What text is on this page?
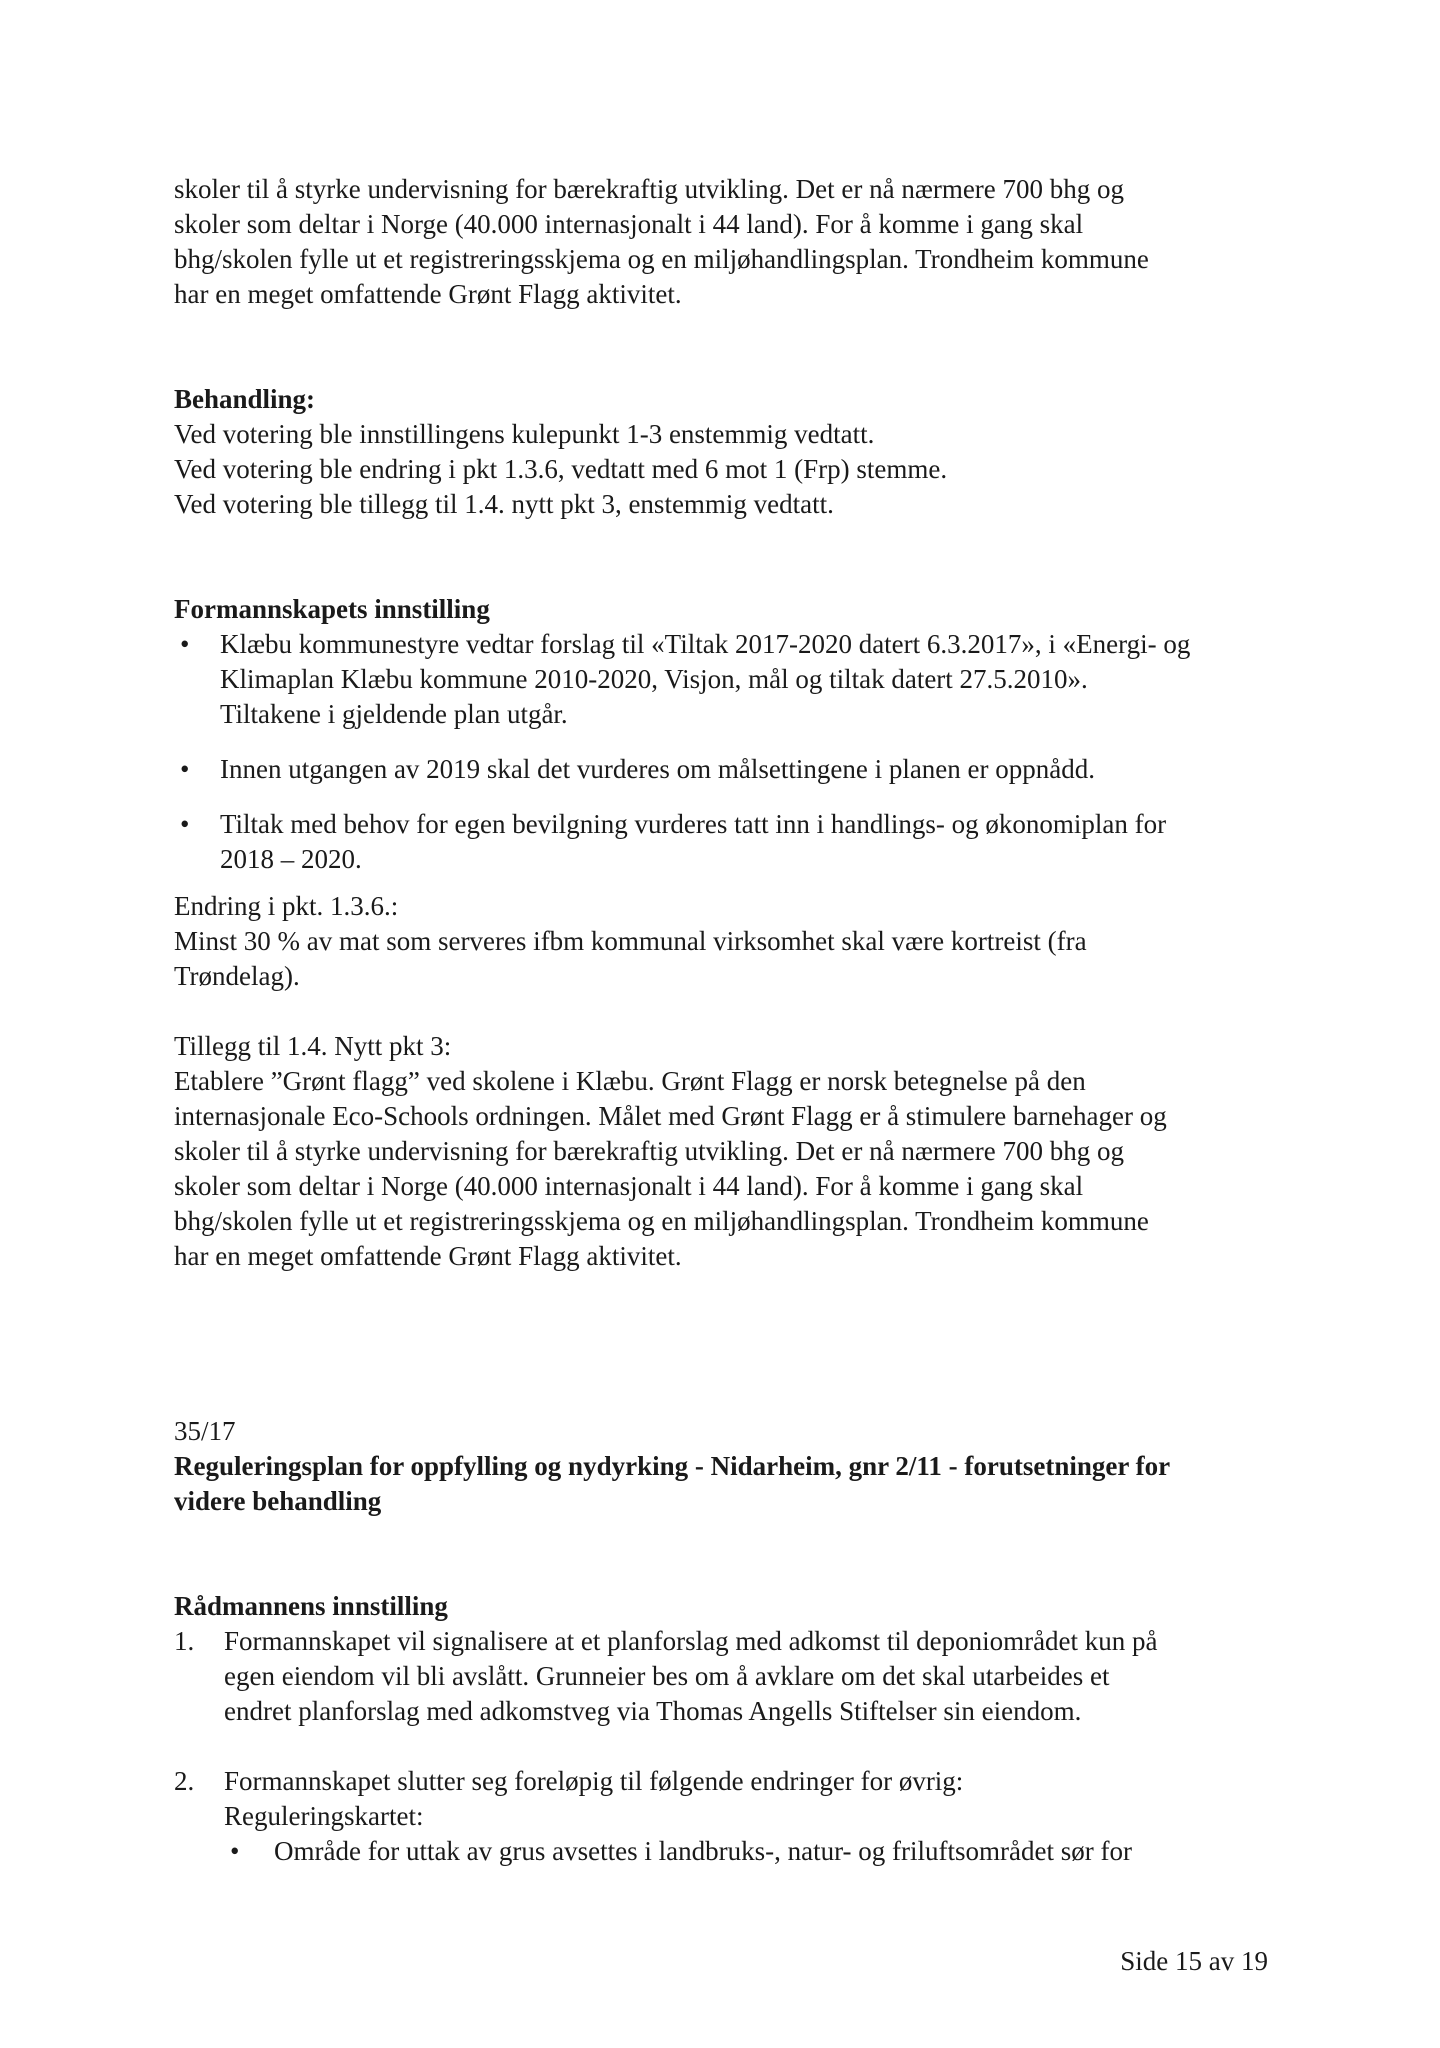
skoler til å styrke undervisning for bærekraftig utvikling. Det er nå nærmere 700 bhg og

skoler som deltar i Norge (40.000 internasjonalt i 44 land). For å komme i gang skal

bhg/skolen fylle ut et registreringsskjema og en miljøhandlingsplan. Trondheim kommune

har en meget omfattende Grønt Flagg aktivitet.

Behandling:

Ved votering ble innstillingens kulepunkt 1-3 enstemmig vedtatt.

Ved votering ble endring i pkt 1.3.6, vedtatt med 6 mot 1 (Frp) stemme.

Ved votering ble tillegg til 1.4. nytt pkt 3, enstemmig vedtatt.

Formannskapets innstilling

• Klæbu kommunestyre vedtar forslag til «Tiltak 2017-2020 datert 6.3.2017», i «Energi- og

Klimaplan Klæbu kommune 2010-2020, Visjon, mål og tiltak datert 27.5.2010».

Tiltakene i gjeldende plan utgår.

• Innen utgangen av 2019 skal det vurderes om målsettingene i planen er oppnådd.

• Tiltak med behov for egen bevilgning vurderes tatt inn i handlings- og økonomiplan for

2018 – 2020.

Endring i pkt. 1.3.6.:

Minst 30 % av mat som serveres ifbm kommunal virksomhet skal være kortreist (fra

Trøndelag).

Tillegg til 1.4. Nytt pkt 3:

Etablere ”Grønt flagg” ved skolene i Klæbu. Grønt Flagg er norsk betegnelse på den

internasjonale Eco-Schools ordningen. Målet med Grønt Flagg er å stimulere barnehager og

skoler til å styrke undervisning for bærekraftig utvikling. Det er nå nærmere 700 bhg og

skoler som deltar i Norge (40.000 internasjonalt i 44 land). For å komme i gang skal

bhg/skolen fylle ut et registreringsskjema og en miljøhandlingsplan. Trondheim kommune

har en meget omfattende Grønt Flagg aktivitet.

35/17

Reguleringsplan for oppfylling og nydyrking - Nidarheim, gnr 2/11 - forutsetninger for

videre behandling

Rådmannens innstilling

1. Formannskapet vil signalisere at et planforslag med adkomst til deponiområdet kun på

egen eiendom vil bli avslått. Grunneier bes om å avklare om det skal utarbeides et

endret planforslag med adkomstveg via Thomas Angells Stiftelser sin eiendom.

2. Formannskapet slutter seg foreløpig til følgende endringer for øvrig:

Reguleringskartet:

• Område for uttak av grus avsettes i landbruks-, natur- og friluftsområdet sør for

Side 15 av 19
